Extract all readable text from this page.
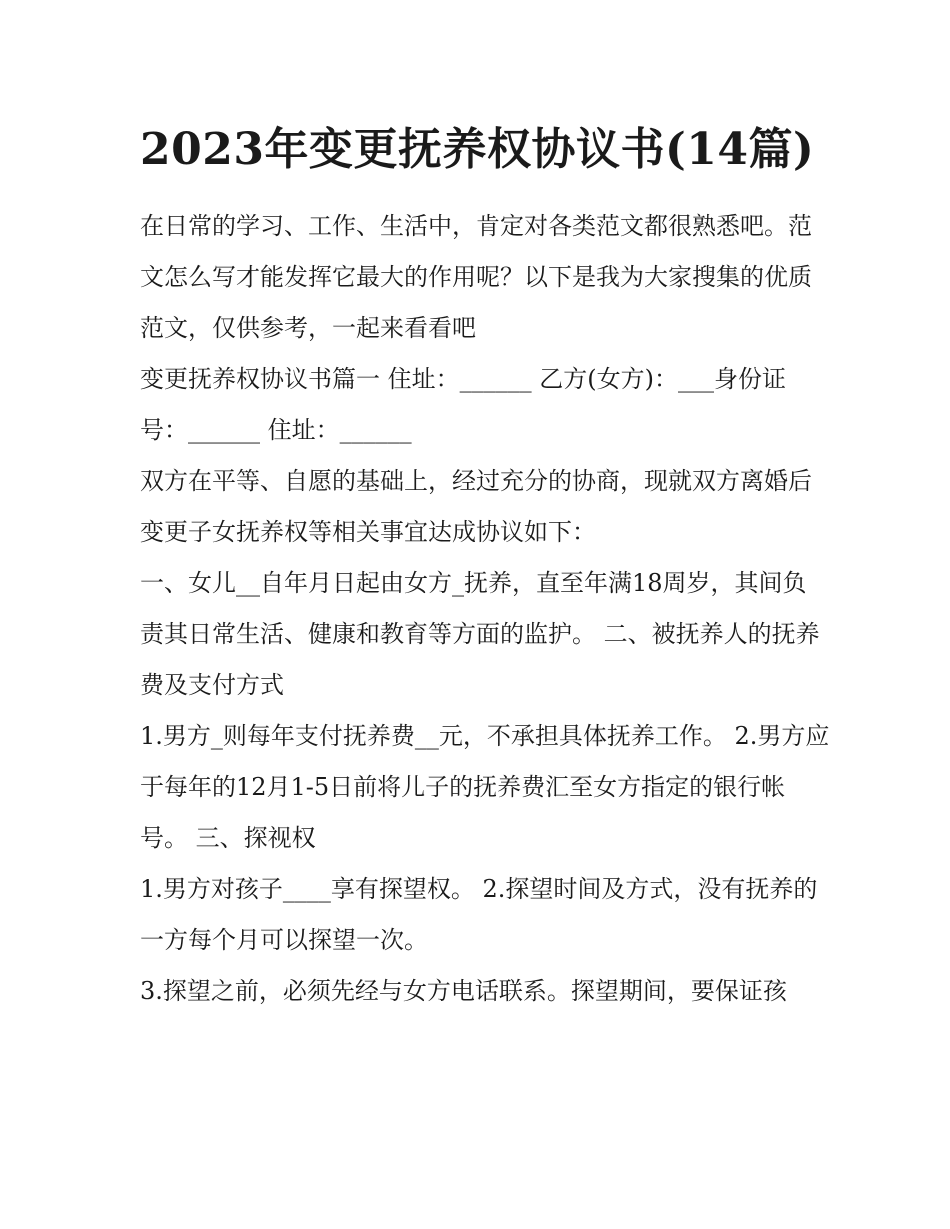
2023年变更抚养权协议书(14篇)

在日常的学习、工作、生活中，肯定对各类范文都很熟悉吧。范文怎么写才能发挥它最大的作用呢？以下是我为大家搜集的优质范文，仅供参考，一起来看看吧

变更抚养权协议书篇一 住址：______ 乙方(女方)：___身份证号：______ 住址：______

双方在平等、自愿的基础上，经过充分的协商，现就双方离婚后变更子女抚养权等相关事宜达成协议如下：

一、女儿__自年月日起由女方_抚养，直至年满18周岁，其间负责其日常生活、健康和教育等方面的监护。 二、被抚养人的抚养费及支付方式

1.男方_则每年支付抚养费__元，不承担具体抚养工作。 2.男方应于每年的12月1-5日前将儿子的抚养费汇至女方指定的银行帐号。 三、探视权

1.男方对孩子____享有探望权。 2.探望时间及方式，没有抚养的一方每个月可以探望一次。

3.探望之前，必须先经与女方电话联系。探望期间，要保证孩
